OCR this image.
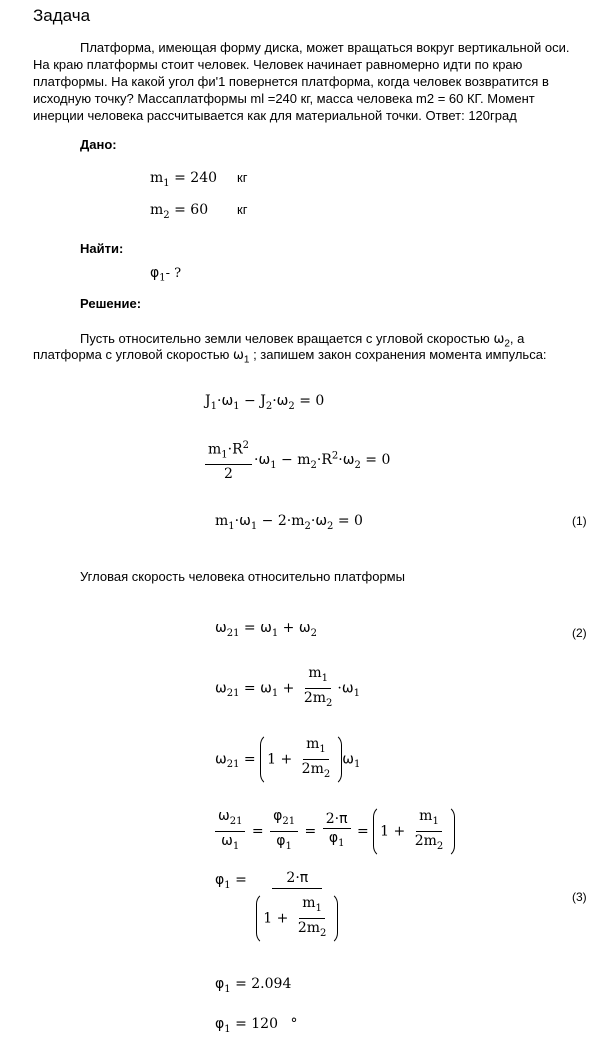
Задача
Платформа, имеющая форму диска, может вращаться вокруг вертикальной оси.
На краю платформы стоит человек. Человек начинает равномерно идти по краю
платформы. На какой угол фи'1 повернется платформа, когда человек возвратится в
исходную точку? Массаплатформы ml =240 кг, масса человека m2 = 60 КГ. Момент
инерции человека рассчитывается как для материальной точки. Ответ: 120град
Дано:
$m_1 = 240$ кг
$m_2 = 60$ кг
Найти:
$\varphi_1-$ ?
Решение:
Пусть относительно земли человек вращается с угловой скоростью $\omega_2$, а
платформа с угловой скоростью $\omega_1$ ; запишем закон сохранения момента импульса:
$J_1\cdot\omega_1 - J_2\cdot\omega_2 = 0$
$\frac{m_1\cdot R^2}{2} \cdot\omega_1 - m_2\cdot R^2\cdot\omega_2 = 0$
$m_1\cdot\omega_1 - 2\cdot m_2\cdot\omega_2 = 0$	(1)
Угловая скорость человека относительно платформы
$\omega_{21} = \omega_1 + \omega_2$	(2)
$\omega_{21} = \omega_1 + \frac{m_1}{2m_2} \cdot\omega_1$
$\omega_{21} = 1 + \frac{m_1}{2m_2} \omega_1$
$\frac{\omega_{21}}{\omega_1} = \frac{\varphi_{21}}{\varphi_1} = \frac{2\cdot\pi}{\varphi_1} = 1 + \frac{m_1}{2m_2}$
$\varphi_1 = \frac{2\cdot\pi}{1 + \frac{m_1}{2m_2}}$	(3)
$\varphi_1 = 2.094$
$\varphi_1 = 120$ °
